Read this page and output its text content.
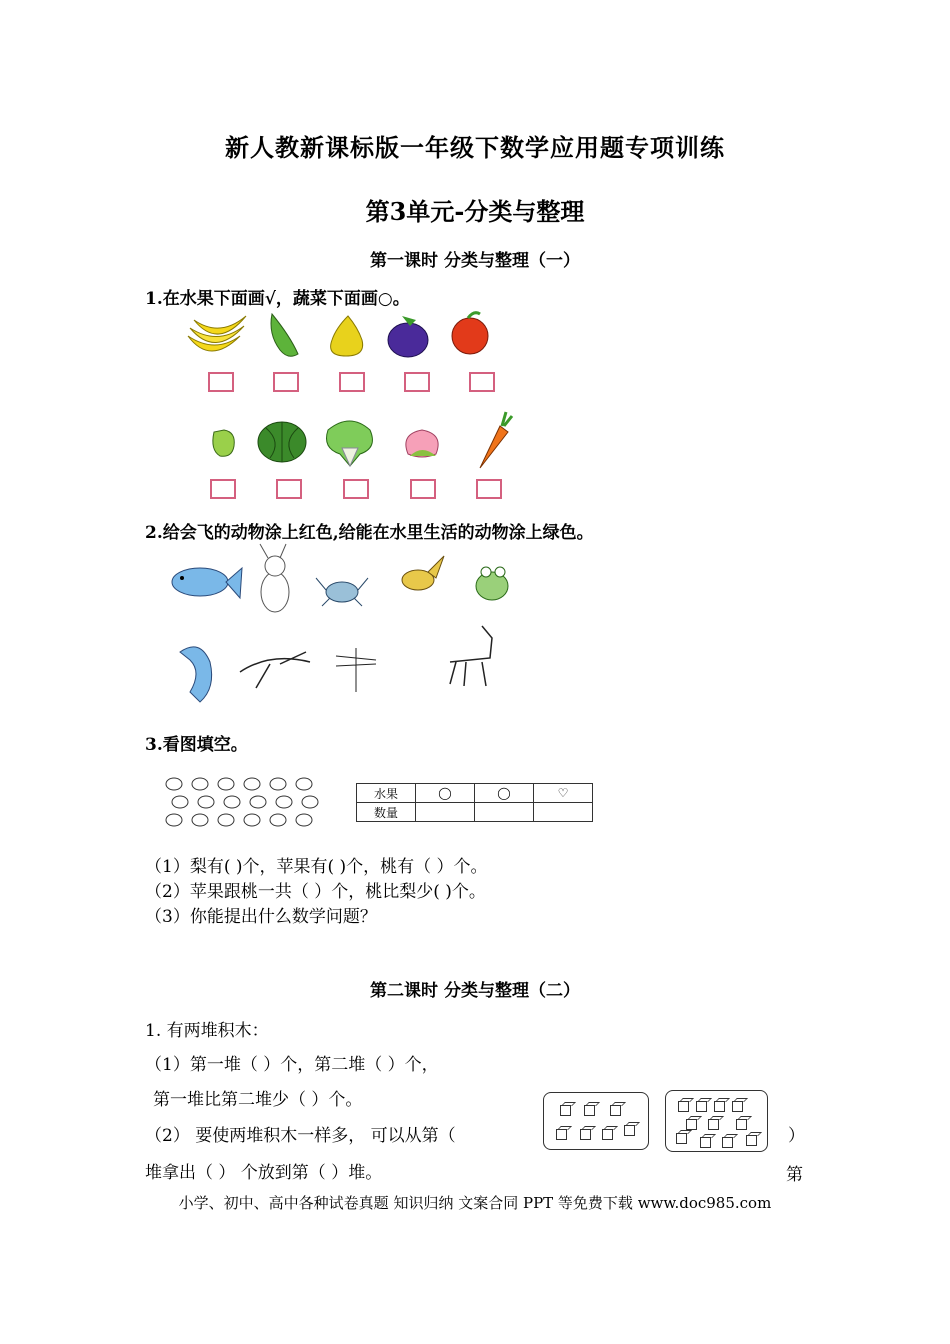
新人教新课标版一年级下数学应用题专项训练
第3单元-分类与整理
第一课时 分类与整理（一）
1.在水果下面画√，蔬菜下面画○。
2.给会飞的动物涂上红色,给能在水里生活的动物涂上绿色。
3.看图填空。
水果	◯	◯	♡
数量			
（1）梨有( )个，苹果有( )个，桃有（ ）个。
（2）苹果跟桃一共（ ）个，桃比梨少( )个。
（3）你能提出什么数学问题？
第二课时 分类与整理（二）
1. 有两堆积木：
（1）第一堆（ ）个，第二堆（ ）个，
第一堆比第二堆少（ ）个。
（2） 要使两堆积木一样多， 可以从第（	）
堆拿出（ ） 个放到第（ ）堆。	第
小学、初中、高中各种试卷真题 知识归纳 文案合同 PPT 等免费下载 www.doc985.com
